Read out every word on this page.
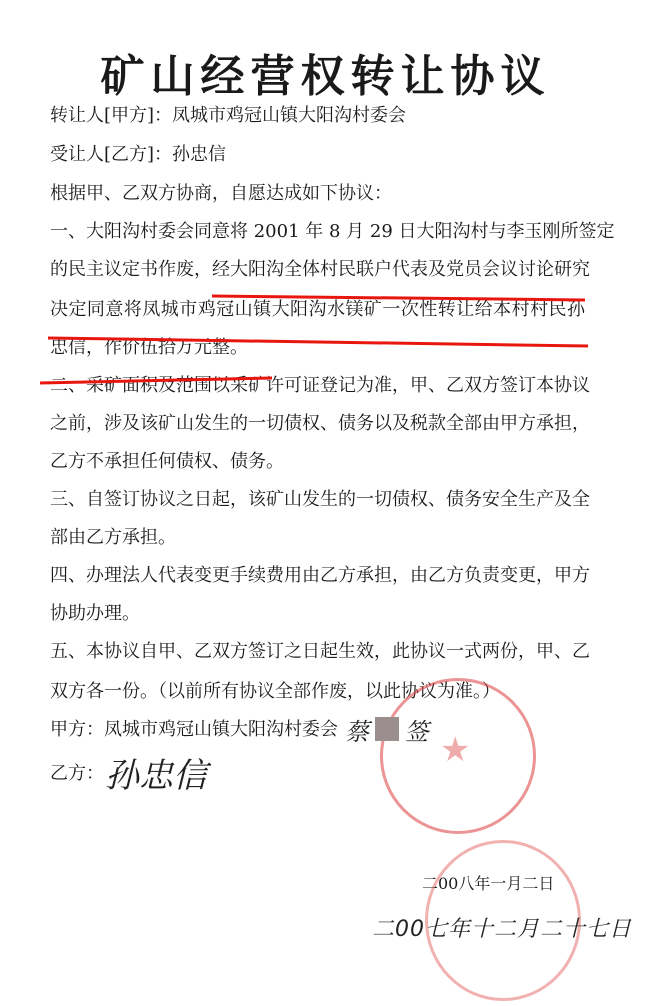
矿山经营权转让协议
转让人[甲方]：凤城市鸡冠山镇大阳沟村委会
受让人[乙方]：孙忠信
根据甲、乙双方协商，自愿达成如下协议：
一、大阳沟村委会同意将 2001 年 8 月 29 日大阳沟村与李玉刚所签定
的民主议定书作废，经大阳沟全体村民联户代表及党员会议讨论研究
决定同意将凤城市鸡冠山镇大阳沟水镁矿一次性转让给本村村民孙
忠信，作价伍拾万元整。
二、采矿面积及范围以采矿许可证登记为准，甲、乙双方签订本协议
之前，涉及该矿山发生的一切债权、债务以及税款全部由甲方承担，
乙方不承担任何债权、债务。
三、自签订协议之日起，该矿山发生的一切债权、债务安全生产及全
部由乙方承担。
四、办理法人代表变更手续费用由乙方承担，由乙方负责变更，甲方
协助办理。
五、本协议自甲、乙双方签订之日起生效，此协议一式两份，甲、乙
双方各一份。（以前所有协议全部作废，以此协议为准。）
★
甲方：凤城市鸡冠山镇大阳沟村委会 蔡 签
乙方： 孙忠信
二00八年一月二日
二00七年十二月二十七日
